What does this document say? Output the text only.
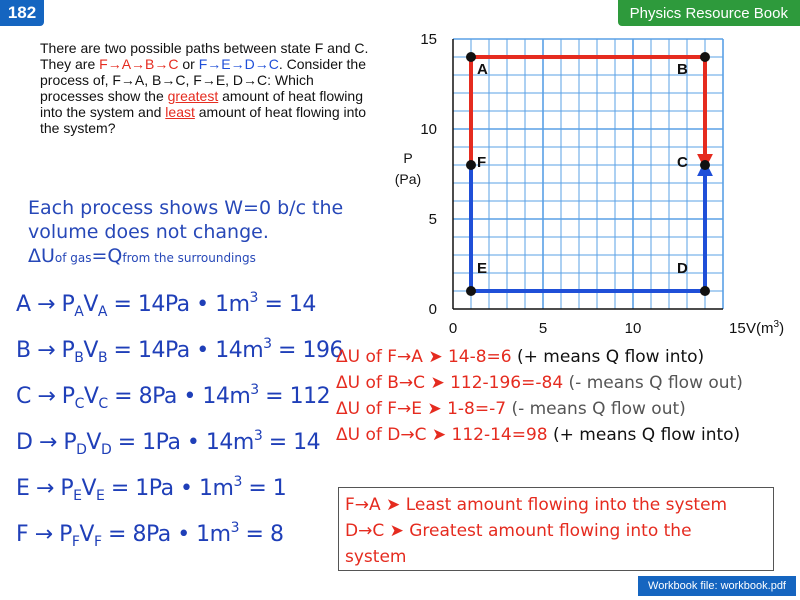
182	Physics Resource Book
There are two possible paths between state F and C. They are F→A→B→C or F→E→D→C. Consider the process of, F→A, B→C, F→E, D→C: Which processes show the greatest amount of heat flowing into the system and least amount of heat flowing into the system?
Each process shows W=0 b/c the
volume does not change.
ΔUof gas=Qfrom the surroundings
$A \to P_AV_A = 14Pa$ • $1m^3 = 14$
$B \to P_BV_B = 14Pa$ • $14m^3 = 196$
$C \to P_CV_C = 8Pa$ • $14m^3 = 112$
$D \to P_DV_D = 1Pa$ • $14m^3 = 14$
$E \to P_EV_E = 1Pa$ • $1m^3 = 1$
$F \to P_FV_F = 8Pa$ • $1m^3 = 8$
ΔU of F→A ➤ 14-8=6 (+ means Q flow into)
ΔU of B→C ➤ 112-196=-84 (- means Q flow out)
ΔU of F→E ➤ 1-8=-7 (- means Q flow out)
ΔU of D→C ➤ 112-14=98 (+ means Q flow into)
F→A ➤ Least amount flowing into the system
D→C ➤ Greatest amount flowing into the
system
0	5	10
0
5
10
15
A	B
C
D
E
F
15 $V(m^3)$
P
(Pa)
Workbook file: workbook.pdf
